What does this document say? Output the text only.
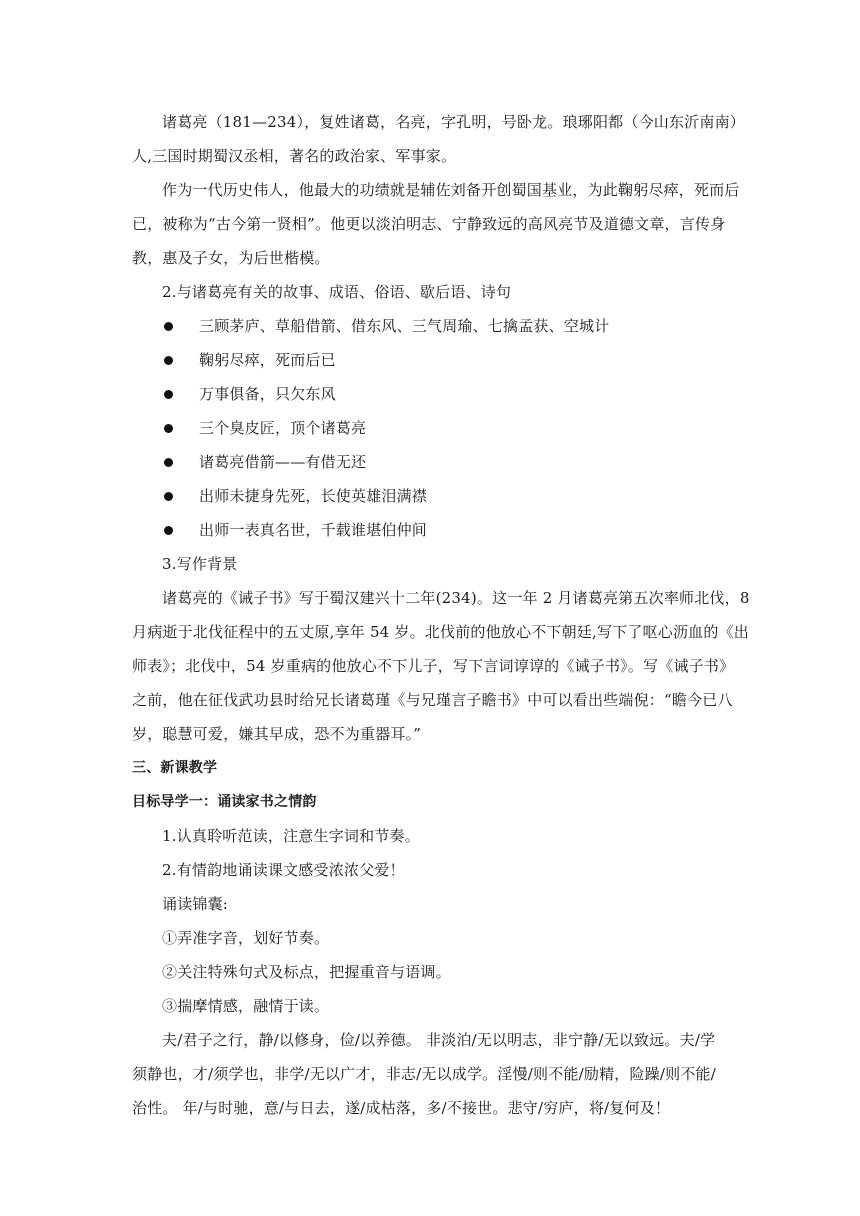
诸葛亮（181—234），复姓诸葛，名亮，字孔明，号卧龙。琅琊阳都（今山东沂南南）
人,三国时期蜀汉丞相，著名的政治家、军事家。
作为一代历史伟人，他最大的功绩就是辅佐刘备开创蜀国基业，为此鞠躬尽瘁，死而后
已，被称为“古今第一贤相”。他更以淡泊明志、宁静致远的高风亮节及道德文章，言传身
教，惠及子女，为后世楷模。
2.与诸葛亮有关的故事、成语、俗语、歇后语、诗句
三顾茅庐、草船借箭、借东风、三气周瑜、七擒孟获、空城计
鞠躬尽瘁，死而后已
万事俱备，只欠东风
三个臭皮匠，顶个诸葛亮
诸葛亮借箭——有借无还
出师未捷身先死，长使英雄泪满襟
出师一表真名世，千载谁堪伯仲间
3.写作背景
诸葛亮的《诫子书》写于蜀汉建兴十二年(234)。这一年 2 月诸葛亮第五次率师北伐，8
月病逝于北伐征程中的五丈原,享年 54 岁。北伐前的他放心不下朝廷,写下了呕心沥血的《出
师表》；北伐中，54 岁重病的他放心不下儿子，写下言词谆谆的《诫子书》。写《诫子书》
之前，他在征伐武功县时给兄长诸葛瑾《与兄瑾言子瞻书》中可以看出些端倪：“瞻今已八
岁，聪慧可爱，嫌其早成，恐不为重器耳。”
三、新课教学
目标导学一：诵读家书之情韵
1.认真聆听范读，注意生字词和节奏。
2.有情韵地诵读课文感受浓浓父爱！
诵读锦囊:
①弄准字音，划好节奏。
②关注特殊句式及标点，把握重音与语调。
③揣摩情感，融情于读。
夫/君子之行，静/以修身，俭/以养德。 非淡泊/无以明志，非宁静/无以致远。夫/学
须静也，才/须学也，非学/无以广才，非志/无以成学。淫慢/则不能/励精，险躁/则不能/
治性。 年/与时驰，意/与日去，遂/成枯落，多/不接世。悲守/穷庐，将/复何及！
